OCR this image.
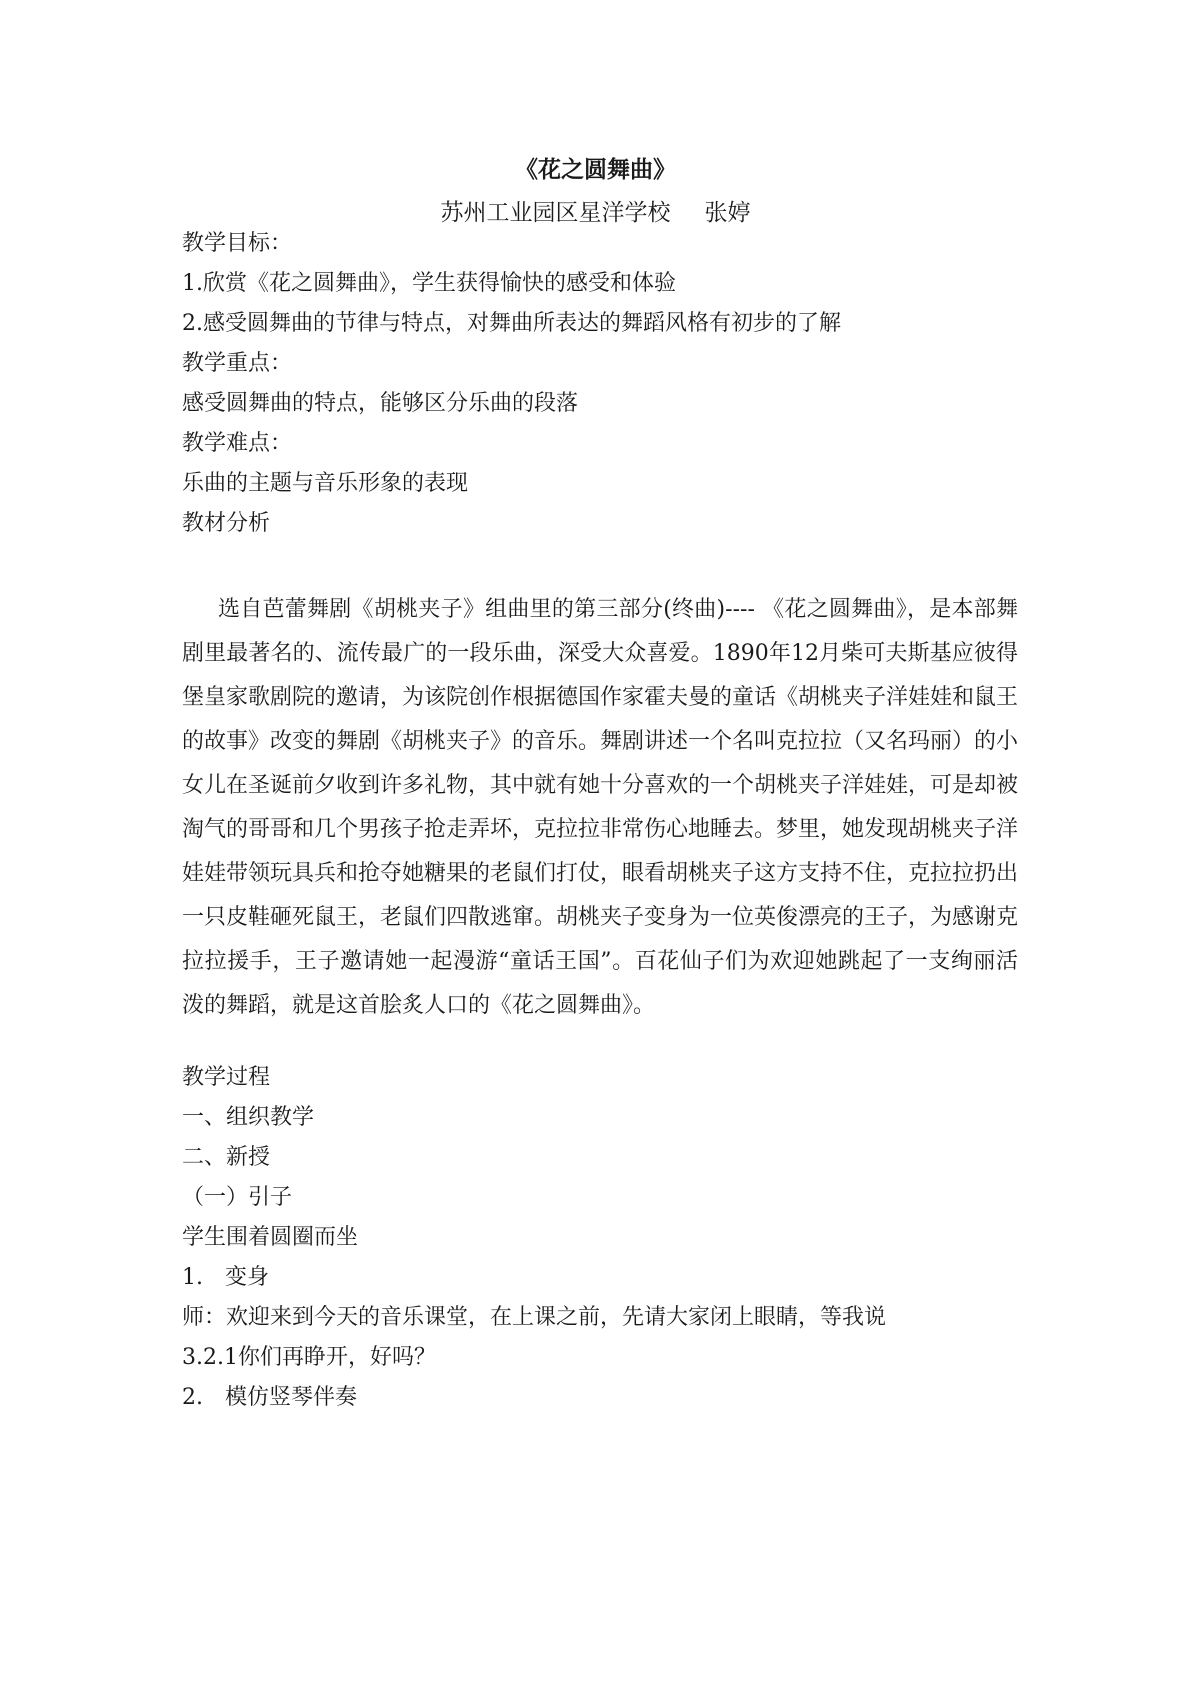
《花之圆舞曲》
苏州工业园区星洋学校 张婷
教学目标：
1.欣赏《花之圆舞曲》，学生获得愉快的感受和体验
2.感受圆舞曲的节律与特点，对舞曲所表达的舞蹈风格有初步的了解
教学重点：
感受圆舞曲的特点，能够区分乐曲的段落
教学难点：
乐曲的主题与音乐形象的表现
教材分析
选自芭蕾舞剧《胡桃夹子》组曲里的第三部分(终曲)---- 《花之圆舞曲》，是本部舞剧里最著名的、流传最广的一段乐曲，深受大众喜爱。1890年12月柴可夫斯基应彼得堡皇家歌剧院的邀请，为该院创作根据德国作家霍夫曼的童话《胡桃夹子洋娃娃和鼠王的故事》改变的舞剧《胡桃夹子》的音乐。舞剧讲述一个名叫克拉拉（又名玛丽）的小女儿在圣诞前夕收到许多礼物，其中就有她十分喜欢的一个胡桃夹子洋娃娃，可是却被淘气的哥哥和几个男孩子抢走弄坏，克拉拉非常伤心地睡去。梦里，她发现胡桃夹子洋娃娃带领玩具兵和抢夺她糖果的老鼠们打仗，眼看胡桃夹子这方支持不住，克拉拉扔出一只皮鞋砸死鼠王，老鼠们四散逃窜。胡桃夹子变身为一位英俊漂亮的王子，为感谢克拉拉援手，王子邀请她一起漫游“童话王国”。百花仙子们为欢迎她跳起了一支绚丽活泼的舞蹈，就是这首脍炙人口的《花之圆舞曲》。
教学过程
一、组织教学
二、新授
（一）引子
学生围着圆圈而坐
1.　变身
师：欢迎来到今天的音乐课堂，在上课之前，先请大家闭上眼睛，等我说
3.2.1你们再睁开，好吗？
2.　模仿竖琴伴奏
